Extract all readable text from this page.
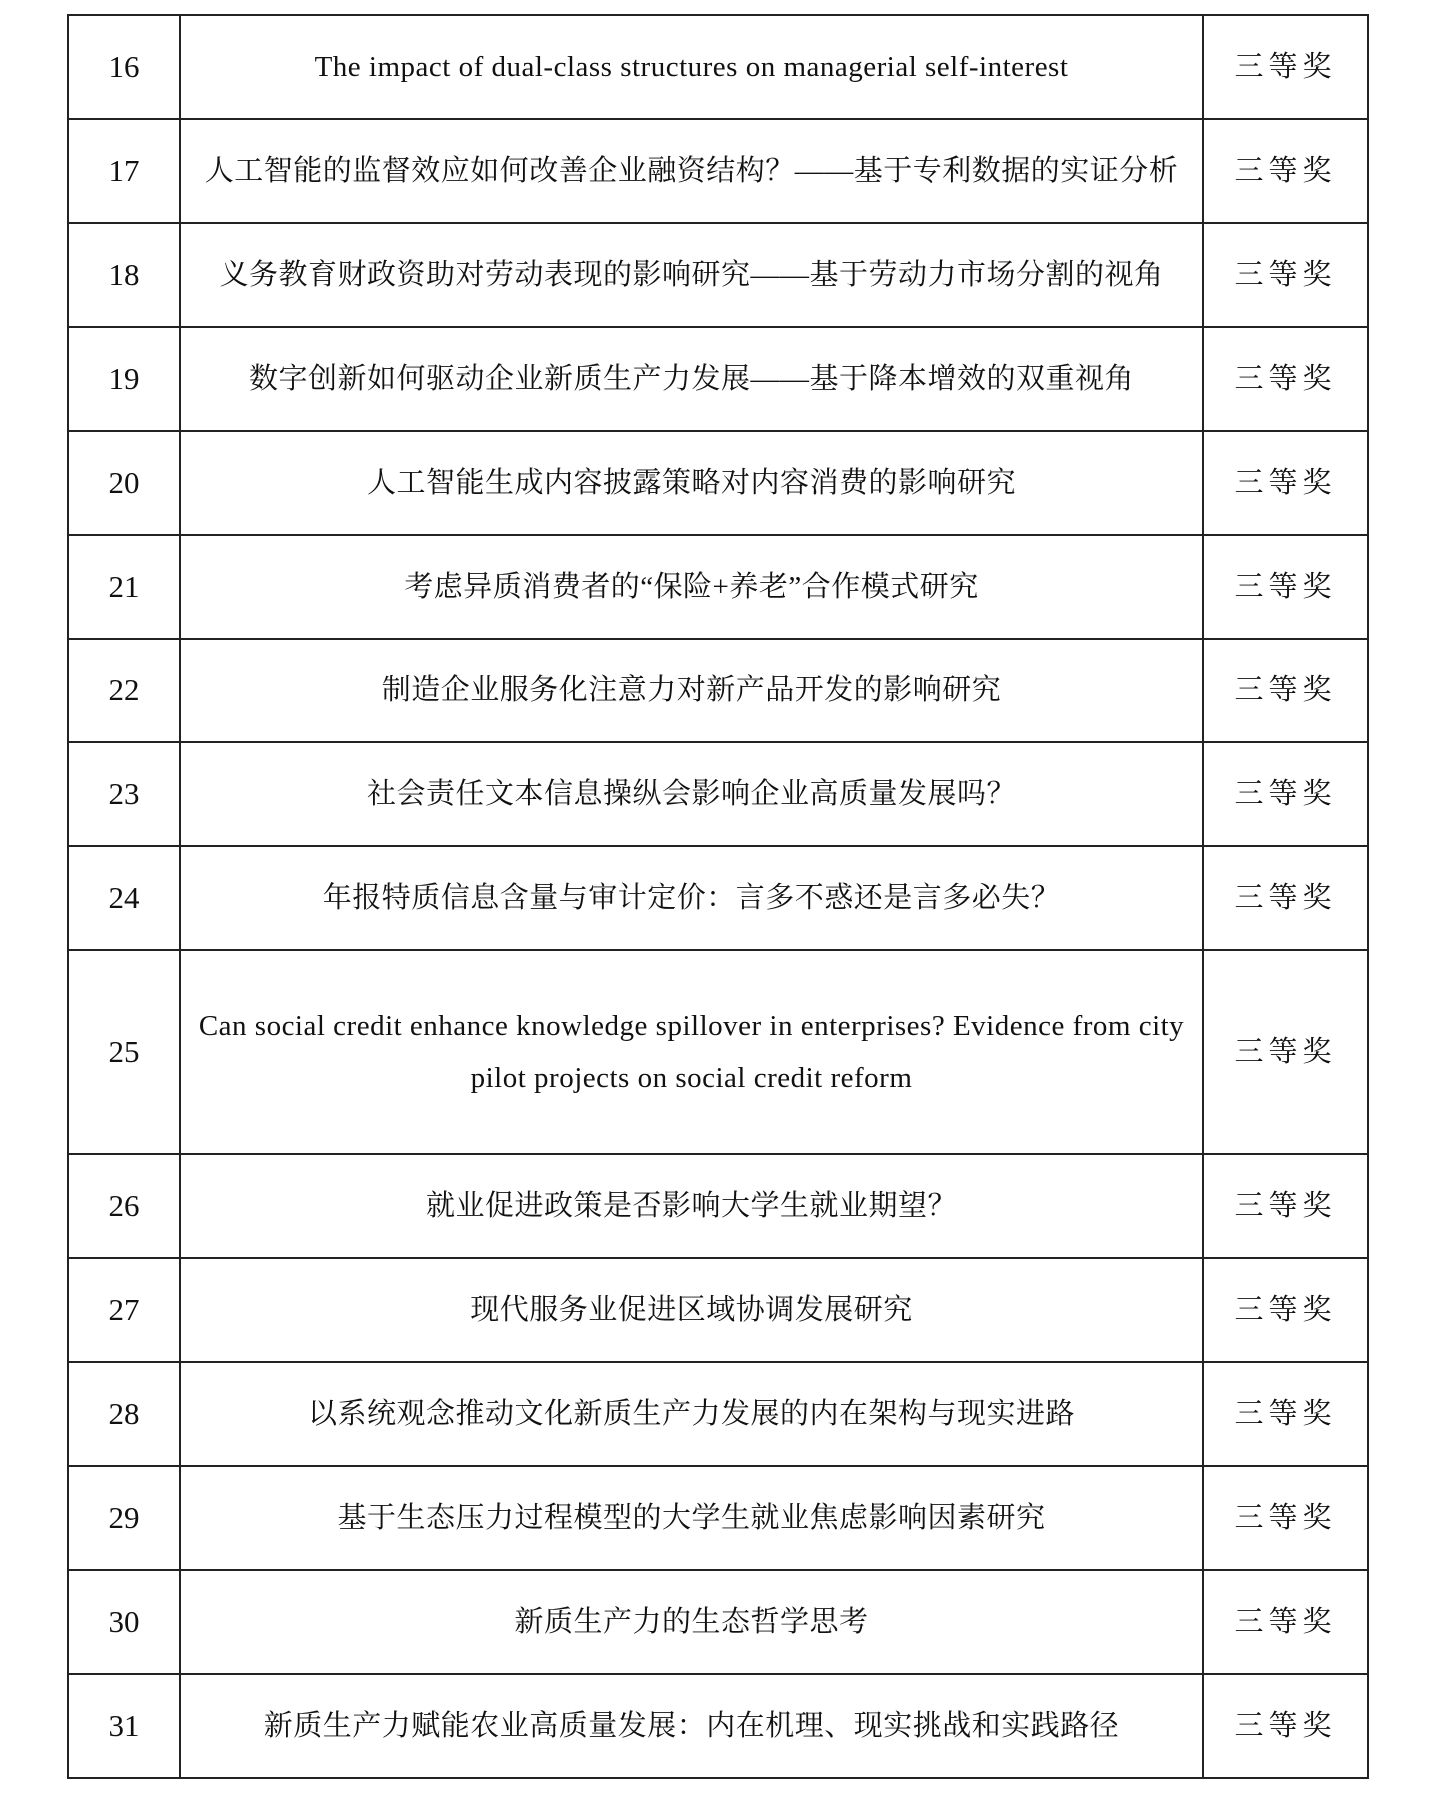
16	The impact of dual-class structures on managerial self-interest	三等奖
17	人工智能的监督效应如何改善企业融资结构？——基于专利数据的实证分析	三等奖
18	义务教育财政资助对劳动表现的影响研究——基于劳动力市场分割的视角	三等奖
19	数字创新如何驱动企业新质生产力发展——基于降本增效的双重视角	三等奖
20	人工智能生成内容披露策略对内容消费的影响研究	三等奖
21	考虑异质消费者的“保险+养老”合作模式研究	三等奖
22	制造企业服务化注意力对新产品开发的影响研究	三等奖
23	社会责任文本信息操纵会影响企业高质量发展吗？	三等奖
24	年报特质信息含量与审计定价：言多不惑还是言多必失？	三等奖
25	Can social credit enhance knowledge spillover in enterprises? Evidence from city pilot projects on social credit reform	三等奖
26	就业促进政策是否影响大学生就业期望？	三等奖
27	现代服务业促进区域协调发展研究	三等奖
28	以系统观念推动文化新质生产力发展的内在架构与现实进路	三等奖
29	基于生态压力过程模型的大学生就业焦虑影响因素研究	三等奖
30	新质生产力的生态哲学思考	三等奖
31	新质生产力赋能农业高质量发展：内在机理、现实挑战和实践路径	三等奖
